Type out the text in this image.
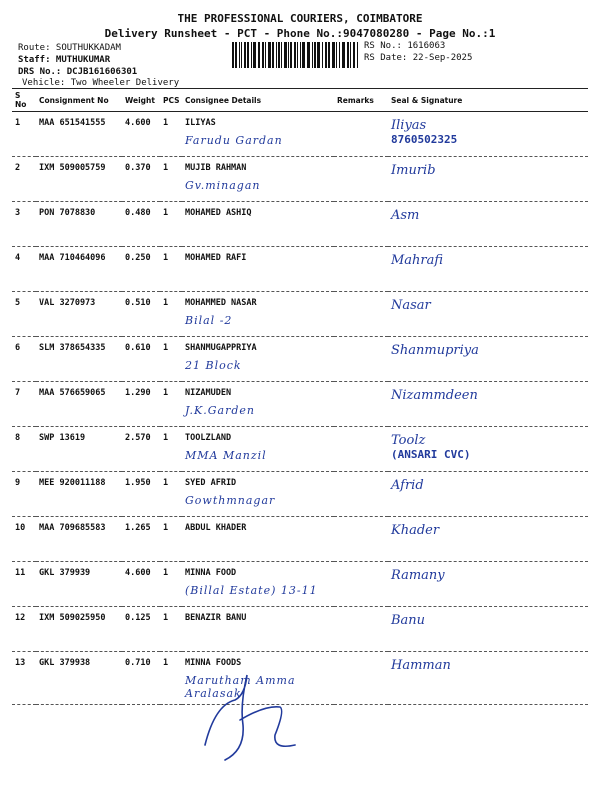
THE PROFESSIONAL COURIERS, COIMBATORE
Delivery Runsheet - PCT - Phone No.:9047080280 - Page No.:1
Route: SOUTHUKKADAM
Staff: MUTHUKUMAR
DRS No.: DCJB161606301
Vehicle: Two Wheeler Delivery
RS No.: 1616063
RS Date: 22-Sep-2025
S No	Consignment No	Weight	PCS	Consignee Details	Remarks	Seal & Signature
1	MAA 651541555	4.600	1	ILIYAS
Farudu Gardan		Iliyas
8760502325

2	IXM 509005759	0.370	1	MUJIB RAHMAN
Gv.minagan		Imurib

3	PON 7078830	0.480	1	MOHAMED ASHIQ		Asm

4	MAA 710464096	0.250	1	MOHAMED RAFI		Mahrafi

5	VAL 3270973	0.510	1	MOHAMMED NASAR
Bilal -2		Nasar

6	SLM 378654335	0.610	1	SHANMUGAPPRIYA
21 Block		Shanmupriya

7	MAA 576659065	1.290	1	NIZAMUDEN
J.K.Garden		Nizammdeen

8	SWP 13619	2.570	1	TOOLZLAND
MMA Manzil		Toolz
(ANSARI CVC)

9	MEE 920011188	1.950	1	SYED AFRID
Gowthmnagar		Afrid

10	MAA 709685583	1.265	1	ABDUL KHADER		Khader

11	GKL 379939	4.600	1	MINNA FOOD
(Billal Estate) 13-11		Ramany

12	IXM 509025950	0.125	1	BENAZIR BANU		Banu

13	GKL 379938	0.710	1	MINNA FOODS
Marutham Amma Aralasak		Hamman
